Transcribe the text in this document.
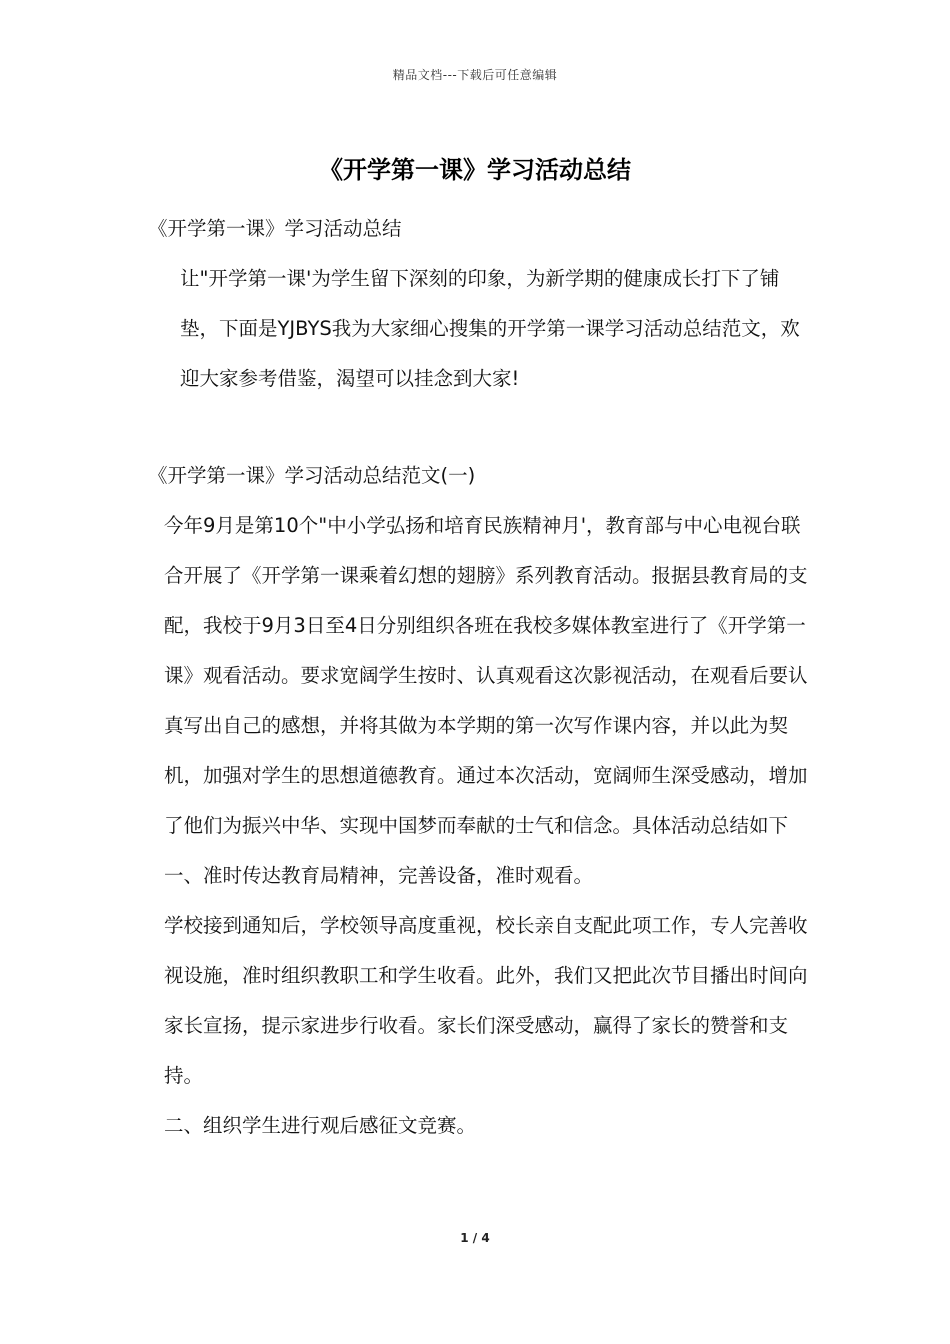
精品文档---下载后可任意编辑
《开学第一课》学习活动总结

《开学第一课》学习活动总结

让"开学第一课'为学生留下深刻的印象，为新学期的健康成长打下了铺垫，下面是YJBYS我为大家细心搜集的开学第一课学习活动总结范文，欢迎大家参考借鉴，渴望可以挂念到大家!

《开学第一课》学习活动总结范文(一)

今年9月是第10个"中小学弘扬和培育民族精神月'，教育部与中心电视台联合开展了《开学第一课乘着幻想的翅膀》系列教育活动。报据县教育局的支配，我校于9月3日至4日分别组织各班在我校多媒体教室进行了《开学第一课》观看活动。要求宽阔学生按时、认真观看这次影视活动，在观看后要认真写出自己的感想，并将其做为本学期的第一次写作课内容，并以此为契机，加强对学生的思想道德教育。通过本次活动，宽阔师生深受感动，增加了他们为振兴中华、实现中国梦而奉献的士气和信念。具体活动总结如下

一、准时传达教育局精神，完善设备，准时观看。

学校接到通知后，学校领导高度重视，校长亲自支配此项工作，专人完善收视设施，准时组织教职工和学生收看。此外，我们又把此次节目播出时间向家长宣扬，提示家进步行收看。家长们深受感动，赢得了家长的赞誉和支持。

二、组织学生进行观后感征文竞赛。

1 / 4
